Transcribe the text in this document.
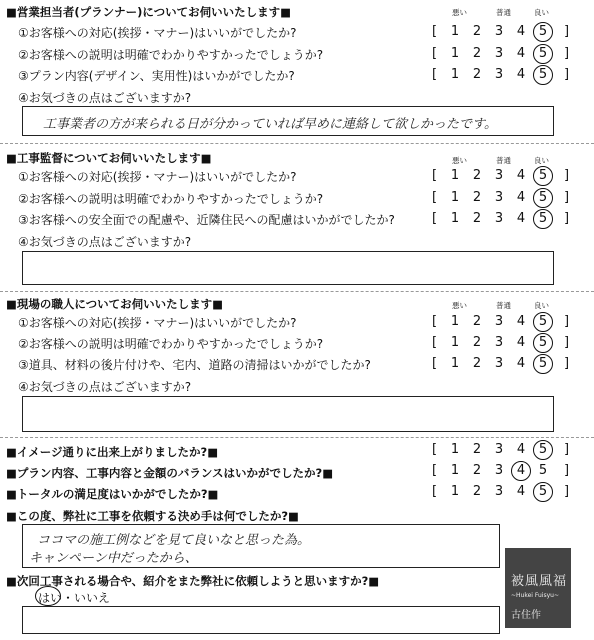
■営業担当者(プランナー)についてお伺いいたします■	悪い	普通	良い
①お客様への対応(挨拶・マナー)はいいがでしたか?	[ 1 2 3 4 5 ]
②お客様への説明は明確でわかりやすかったでしょうか?	[ 1 2 3 4 5 ]
③プラン内容(デザイン、実用性)はいかがでしたか?	[ 1 2 3 4 5 ]
④お気づきの点はございますか?
工事業者の方が来られる日が分かっていれば早めに連絡して欲しかったです。
■工事監督についてお伺いいたします■	悪い	普通	良い
①お客様への対応(挨拶・マナー)はいいがでしたか?	[ 1 2 3 4 5 ]
②お客様への説明は明確でわかりやすかったでしょうか?	[ 1 2 3 4 5 ]
③お客様への安全面での配慮や、近隣住民への配慮はいかがでしたか?	[ 1 2 3 4 5 ]
④お気づきの点はございますか?
■現場の職人についてお伺いいたします■	悪い	普通	良い
①お客様への対応(挨拶・マナー)はいいがでしたか?	[ 1 2 3 4 5 ]
②お客様への説明は明確でわかりやすかったでしょうか?	[ 1 2 3 4 5 ]
③道具、材料の後片付けや、宅内、道路の清掃はいかがでしたか?	[ 1 2 3 4 5 ]
④お気づきの点はございますか?
■イメージ通りに出来上がりましたか?■	[ 1 2 3 4 5 ]
■プラン内容、工事内容と金額のバランスはいかがでしたか?■	[ 1 2 3 4 5 ]
■トータルの満足度はいかがでしたか?■	[ 1 2 3 4 5 ]
■この度、弊社に工事を依頼する決め手は何でしたか?■
ココマの施工例などを見て良いなと思った為。
キャンペーン中だったから、
■次回工事される場合や、紹介をまた弊社に依頼しようと思いますか?■
はい・いいえ
被風風福
~Hukei Fuisyu~
古住作
